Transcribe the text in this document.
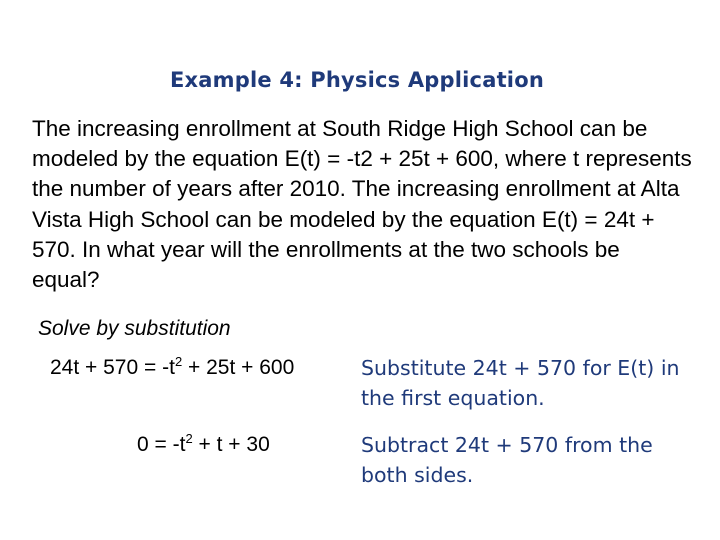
Example 4: Physics Application
The increasing enrollment at South Ridge High School can be modeled by the equation E(t) = -t2 + 25t + 600, where t represents the number of years after 2010. The increasing enrollment at Alta Vista High School can be modeled by the equation E(t) = 24t + 570. In what year will the enrollments at the two schools be equal?
Solve by substitution
$24t + 570 = -t^2 + 25t + 600$	Substitute 24t + 570 for E(t) in the first equation.
$0 = -t^2 + t + 30$	Subtract 24t + 570 from the both sides.
